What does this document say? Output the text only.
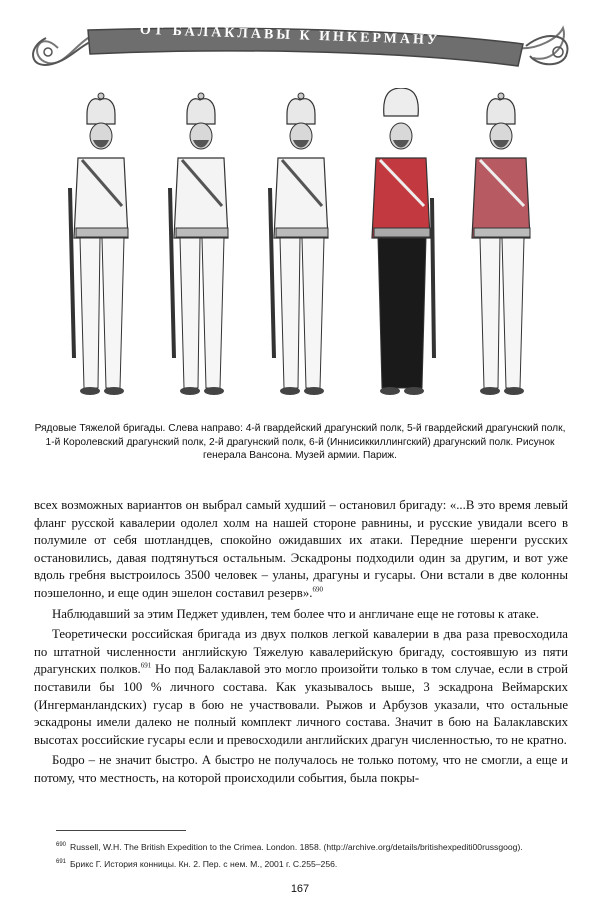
ОТ БАЛАКЛАВЫ К ИНКЕРМАНУ
Рядовые Тяжелой бригады. Слева направо: 4-й гвардейский драгунский полк, 5-й гвардейский драгунский полк,
1-й Королевский драгунский полк, 2-й драгунский полк, 6-й (Иннисиккиллингский) драгунский полк. Рисунок
генерала Вансона. Музей армии. Париж.

всех возможных вариантов он выбрал самый худший – остановил бригаду: «...В это время левый фланг русской кавалерии одолел холм на нашей стороне равнины, и русские увидали всего в полумиле от себя шотландцев, спокойно ожидавших их атаки. Передние шеренги русских остановились, давая подтянуться остальным. Эскадроны подходили один за другим, и вот уже вдоль гребня выстроилось 3500 человек – уланы, драгуны и гусары. Они встали в две колонны поэшелонно, и еще один эшелон составил резерв».$^{690}$

Наблюдавший за этим Педжет удивлен, тем более что и англичане еще не готовы к атаке.

Теоретически российская бригада из двух полков легкой кавалерии в два раза превосходила по штатной численности английскую Тяжелую кавалерийскую бригаду, состоявшую из пяти драгунских полков.$^{691}$ Но под Балаклавой это могло произойти только в том случае, если в строй поставили бы 100 % личного состава. Как указывалось выше, 3 эскадрона Веймарских (Ингерманландских) гусар в бою не участвовали. Рыжов и Арбузов указали, что остальные эскадроны имели далеко не полный комплект личного состава. Значит в бою на Балаклавских высотах российские гусары если и превосходили английских драгун численностью, то не кратно.

Бодро – не значит быстро. А быстро не получалось не только потому, что не смогли, а еще и потому, что местность, на которой происходили события, была покры-

$^{690}$ Russell, W.H. The British Expedition to the Crimea. London. 1858. (http://archive.org/details/britishexpediti00russgoog).
$^{691}$ Брикс Г. История конницы. Кн. 2. Пер. с нем. М., 2001 г. С.255–256.
167
